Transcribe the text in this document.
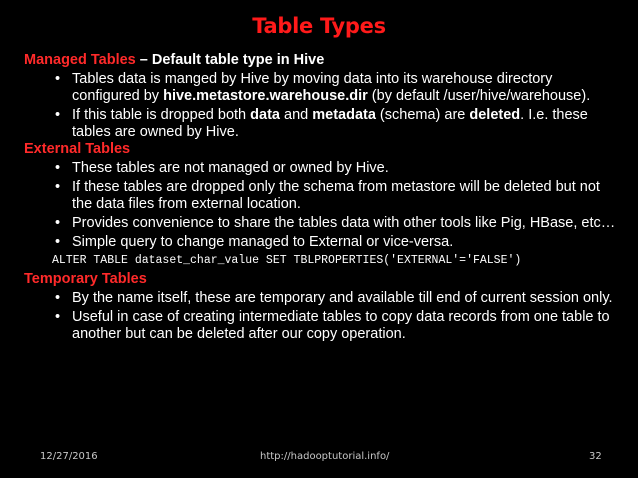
Table Types

Managed Tables – Default table type in Hive

• Tables data is manged by Hive by moving data into its warehouse directory configured by hive.metastore.warehouse.dir (by default /user/hive/warehouse).
• If this table is dropped both data and metadata (schema) are deleted. I.e. these tables are owned by Hive.

External Tables

• These tables are not managed or owned by Hive.
• If these tables are dropped only the schema from metastore will be deleted but not the data files from external location.
• Provides convenience to share the tables data with other tools like Pig, HBase, etc…
• Simple query to change managed to External or vice-versa.
ALTER TABLE dataset_char_value SET TBLPROPERTIES('EXTERNAL'='FALSE')

Temporary Tables

• By the name itself, these are temporary and available till end of current session only.
• Useful in case of creating intermediate tables to copy data records from one table to another but can be deleted after our copy operation.
12/27/2016	http://hadooptutorial.info/	32
